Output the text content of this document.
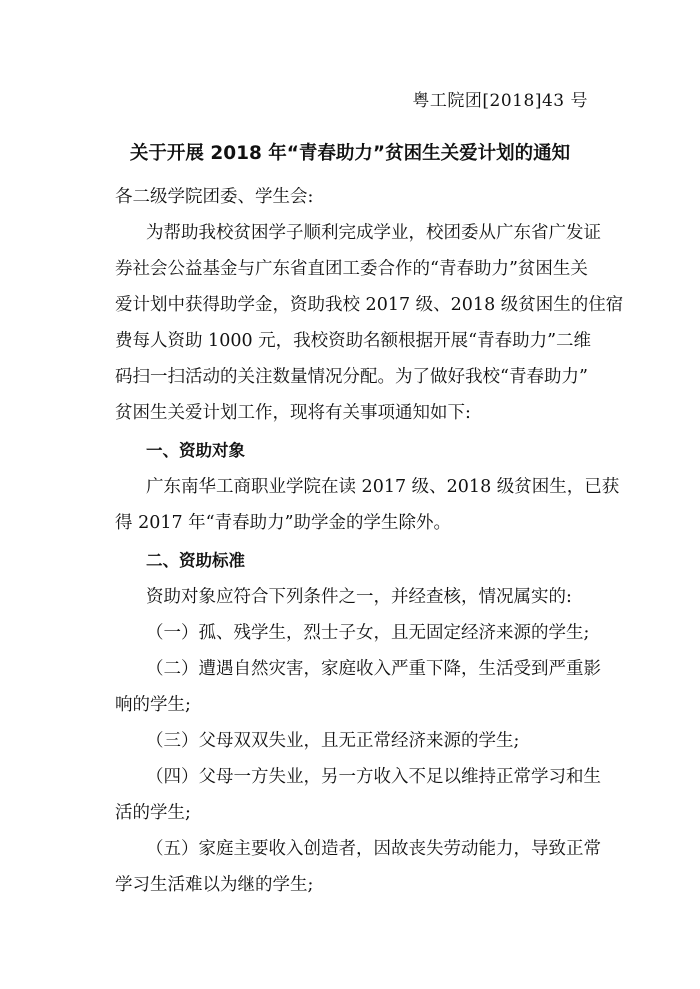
粤工院团[2018]43 号
关于开展 2018 年“青春助力”贫困生关爱计划的通知
各二级学院团委、学生会:
为帮助我校贫困学子顺利完成学业，校团委从广东省广发证
券社会公益基金与广东省直团工委合作的“青春助力”贫困生关
爱计划中获得助学金，资助我校 2017 级、2018 级贫困生的住宿
费每人资助 1000 元，我校资助名额根据开展“青春助力”二维
码扫一扫活动的关注数量情况分配。为了做好我校“青春助力”
贫困生关爱计划工作，现将有关事项通知如下:
一、资助对象
广东南华工商职业学院在读 2017 级、2018 级贫困生，已获
得 2017 年“青春助力”助学金的学生除外。
二、资助标准
资助对象应符合下列条件之一，并经查核，情况属实的:
（一）孤、残学生，烈士子女，且无固定经济来源的学生;
（二）遭遇自然灾害，家庭收入严重下降，生活受到严重影
响的学生;
（三）父母双双失业，且无正常经济来源的学生;
（四）父母一方失业，另一方收入不足以维持正常学习和生
活的学生;
（五）家庭主要收入创造者，因故丧失劳动能力，导致正常
学习生活难以为继的学生;
